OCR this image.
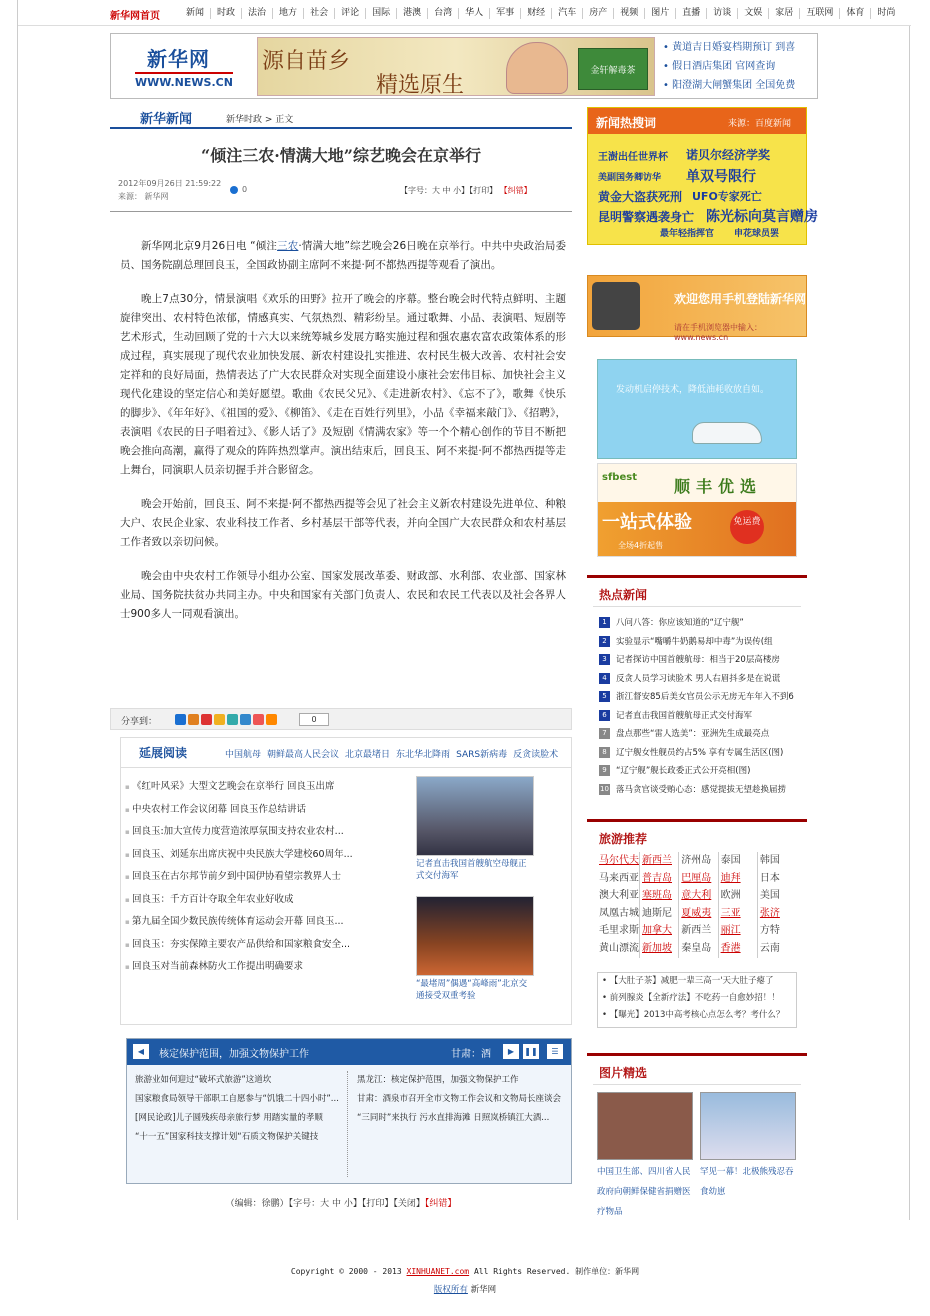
新华网首页	新闻	时政	法治	地方	社会	评论	国际	港澳	台湾	华人	军事	财经	汽车	房产	视频	图片	直播	访谈	文娱	家居	互联网	体育	时尚
新华网
WWW.NEWS.CN
源自苗乡
精选原生
金轩解毒茶
• 黄道吉日婚宴档期预订 到喜
• 假日酒店集团 官网查询
• 阳澄湖大闸蟹集团 全国免费
新华新闻	新华时政 > 正文
“倾注三农·情满大地”综艺晚会在京举行
2012年09月26日 21:59:22
来源： 新华网
0	【字号：大 中 小】【打印】 【纠错】

新华网北京9月26日电 “倾注三农·情满大地”综艺晚会26日晚在京举行。中共中央政治局委员、国务院副总理回良玉，全国政协副主席阿不来提·阿不都热西提等观看了演出。

晚上7点30分，情景演唱《欢乐的田野》拉开了晚会的序幕。整台晚会时代特点鲜明、主题旋律突出、农村特色浓郁，情感真实、气氛热烈、精彩纷呈。通过歌舞、小品、表演唱、短剧等艺术形式，生动回顾了党的十六大以来统筹城乡发展方略实施过程和强农惠农富农政策体系的形成过程，真实展现了现代农业加快发展、新农村建设扎实推进、农村民生极大改善、农村社会安定祥和的良好局面，热情表达了广大农民群众对实现全面建设小康社会宏伟目标、加快社会主义现代化建设的坚定信心和美好愿望。歌曲《农民父兄》、《走进新农村》、《忘不了》，歌舞《快乐的脚步》、《年年好》、《祖国的爱》、《柳笛》、《走在百姓行列里》，小品《幸福来敲门》、《招聘》，表演唱《农民的日子唱着过》、《影人话了》及短剧《情满农家》等一个个精心创作的节目不断把晚会推向高潮，赢得了观众的阵阵热烈掌声。演出结束后，回良玉、阿不来提·阿不都热西提等走上舞台，同演职人员亲切握手并合影留念。

晚会开始前，回良玉、阿不来提·阿不都热西提等会见了社会主义新农村建设先进单位、种粮大户、农民企业家、农业科技工作者、乡村基层干部等代表，并向全国广大农民群众和农村基层工作者致以亲切问候。

晚会由中央农村工作领导小组办公室、国家发展改革委、财政部、水利部、农业部、国家林业局、国务院扶贫办共同主办。中央和国家有关部门负责人、农民和农民工代表以及社会各界人士900多人一同观看演出。

分享到：	0
延展阅读	中国航母 朝鲜最高人民会议 北京最堵日 东北华北降雨 SARS新病毒 反贪读脸术
▪ 《红叶风采》大型文艺晚会在京举行 回良玉出席
▪ 中央农村工作会议闭幕 回良玉作总结讲话
▪ 回良玉:加大宣传力度营造浓厚氛围支持农业农村...
▪ 回良玉、刘延东出席庆祝中央民族大学建校60周年...
▪ 回良玉在古尔邦节前夕到中国伊协看望宗教界人士
▪ 回良玉：千方百计夺取全年农业好收成
▪ 第九届全国少数民族传统体育运动会开幕 回良玉...
▪ 回良玉：夯实保障主要农产品供给和国家粮食安全...
▪ 回良玉对当前森林防火工作提出明确要求
记者直击我国首艘航空母舰正式交付海军
“最堵周”偶遇“高峰雨”北京交通接受双重考验
◀	核定保护范围，加强文物保护工作	甘肃：酒	▶	❚❚	☰
旅游业如何迎过“破坏式旅游”这道坎
国家粮食局领导干部职工自愿参与“饥饿二十四小时”...
[网民论政]儿子圆残疾母亲旅行梦 用踏实量的孝顺
“十一五”国家科技支撑计划“石质文物保护关键技
黑龙江：核定保护范围，加强文物保护工作
甘肃：酒泉市召开全市文物工作会议和文物局长座谈会
“三同时”来执行 污水直排海滩 日照岚桥镇江大酒...
（编辑：徐鹏）【字号：大 中 小】【打印】【关闭】【纠错】
新闻热搜词	来源：百度新闻
王澍出任世界杯 诺贝尔经济学奖
美副国务卿访华 单双号限行
黄金大盗获死刑 UFO专家死亡
昆明警察遇袭身亡 陈光标向莫言赠房
最年轻指挥官 申花球员罢
欢迎您用手机登陆新华网
请在手机浏览器中输入：www.news.cn
发动机启停技术，降低油耗收放自如。
sfbest 顺丰优选
一站式体验	免运费
全场4折起售
热点新闻
1 八问八答：你应该知道的“辽宁舰”
2 实验显示“嘴嚼牛奶鹅易却中毒”为误传(组
3 记者探访中国首艘航母：相当于20层高楼房
4 反贪人员学习读脸术 男人右眉抖多是在说谎
5 浙江督安85后美女官员公示无房无车年入不到6
6 记者直击我国首艘航母正式交付海军
7 盘点那些“雷人选美”：亚洲先生成最亮点
8 辽宁舰女性舰员约占5% 享有专属生活区(图)
9 “辽宁舰”舰长政委正式公开亮相(图)
10 落马贪官谈受贿心态：感觉提拔无望趁换届捞
旅游推荐
马尔代夫 新西兰 济州岛 泰国	韩国
马来西亚 普吉岛 巴厘岛 迪拜	日本
澳大利亚 塞班岛 意大利 欧洲	美国
凤凰古城 迪斯尼 夏威夷 三亚	张济
毛里求斯 加拿大 新西兰 丽江	方特
黄山漂流 新加坡 秦皇岛 香港	云南
• 【大肚子茶】减肥一辈三高一'天大肚子瘪了
• 前列腺炎【全新疗法】不吃药一自愈妙招！！
• 【曝光】2013中高考核心点怎么考？考什么？
图片精选
中国卫生部、四川省人民政府向朝鲜保健省捐赠医疗物品
罕见一幕！北极熊残忍吞食幼崽
Copyright © 2000 - 2013 XINHUANET.com All Rights Reserved. 制作单位：新华网
版权所有 新华网
